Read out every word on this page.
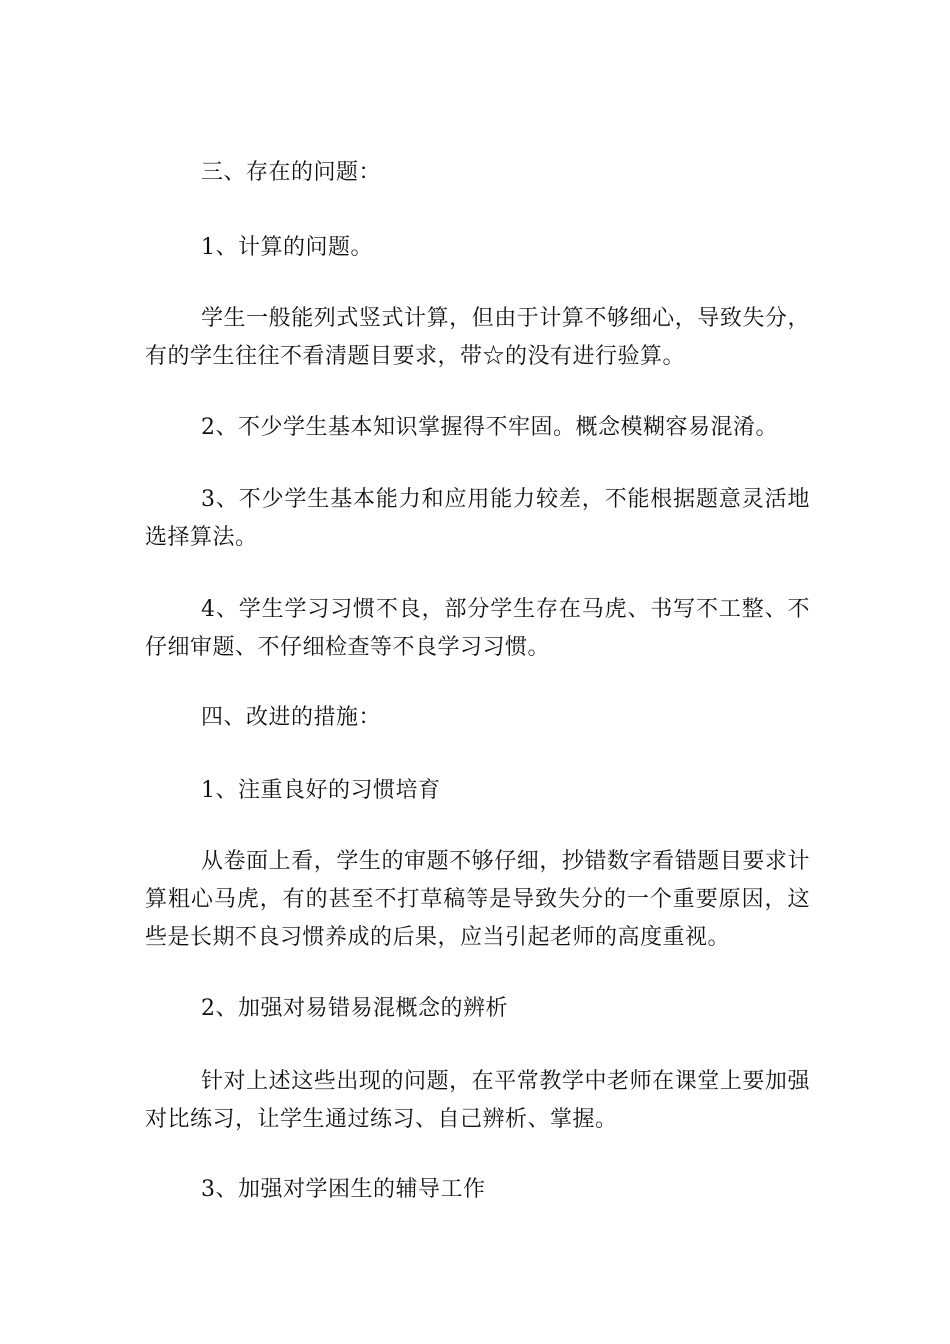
三、存在的问题：

1、计算的问题。

学生一般能列式竖式计算，但由于计算不够细心，导致失分，有的学生往往不看清题目要求，带☆的没有进行验算。

2、不少学生基本知识掌握得不牢固。概念模糊容易混淆。

3、不少学生基本能力和应用能力较差，不能根据题意灵活地选择算法。

4、学生学习习惯不良，部分学生存在马虎、书写不工整、不仔细审题、不仔细检查等不良学习习惯。

四、改进的措施：

1、注重良好的习惯培育

从卷面上看，学生的审题不够仔细，抄错数字看错题目要求计算粗心马虎，有的甚至不打草稿等是导致失分的一个重要原因，这些是长期不良习惯养成的后果，应当引起老师的高度重视。

2、加强对易错易混概念的辨析

针对上述这些出现的问题，在平常教学中老师在课堂上要加强对比练习，让学生通过练习、自己辨析、掌握。

3、加强对学困生的辅导工作
